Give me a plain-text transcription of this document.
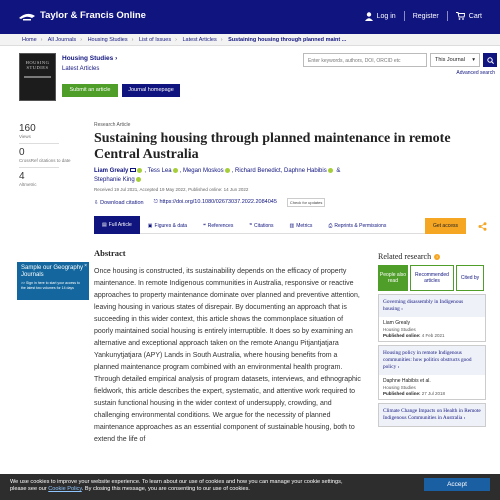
Taylor & Francis Online	Log in Register	Cart
Home › All Journals › Housing Studies › List of Issues › Latest Articles › Sustaining housing through planned maint ...
HOUSING STUDIES
Housing Studies ›
Latest Articles
Submit an article	Journal homepage
Enter keywords, authors, DOI, ORCID etc	This Journal ▾
Advanced search
160
Views
0
CrossRef citations to date
4
Altmetric
Research Article
Sustaining housing through planned maintenance in remote Central Australia
Liam Grealy	, Tess Lea , Megan Moskos , Richard Benedict, Daphne Habibis &
Stephanie King
Received 19 Jul 2021, Accepted 19 May 2022, Published online: 14 Jun 2022
⇩ Download citation ⎋ https://doi.org/10.1080/02673037.2022.2084045	Check for updates
▤ Full Article	▣ Figures & data	❝ References	❞ Citations	▥ Metrics	⎙ Reprints & Permissions	Get access
×
Sample our Geography Journals
>> Sign in here to start your access to the latest two volumes for 14 days
Abstract
Once housing is constructed, its sustainability depends on the efficacy of property maintenance. In remote Indigenous communities in Australia, responsive or reactive approaches to property maintenance dominate over planned and preventive attention, leaving housing in various states of disrepair. By documenting an approach that is succeeding in this wider context, this article shows the commonplace situation of poorly maintained social housing is entirely interruptible. It does so by examining an alternative and exceptional approach taken on the remote Anangu Pitjantjatjara Yankunytjatjara (APY) Lands in South Australia, where housing benefits from a planned maintenance program combined with an environmental health program. Through detailed empirical analysis of program datasets, interviews, and ethnographic fieldwork, this article describes the expert, systematic, and attentive work required to sustain functional housing in the wider context of undersupply, crowding, and challenging environmental conditions. We argue for the necessity of planned maintenance approaches as an essential component of sustainable housing, both to extend the life of
Related research	i
People also read
Recommended articles	Cited by
Governing disassembly in Indigenous housing ›
Liam Grealy
Housing Studies
Published online: 4 Feb 2021
Housing policy in remote Indigenous communities: how politics obstructs good policy ›
Daphne Habibis et al.
Housing Studies
Published online: 27 Jul 2018
Climate Change Impacts on Health in Remote Indigenous Communities in Australia ›
We use cookies to improve your website experience. To learn about our use of cookies and how you can manage your cookie settings,
please see our Cookie Policy. By closing this message, you are consenting to our use of cookies.
Accept
